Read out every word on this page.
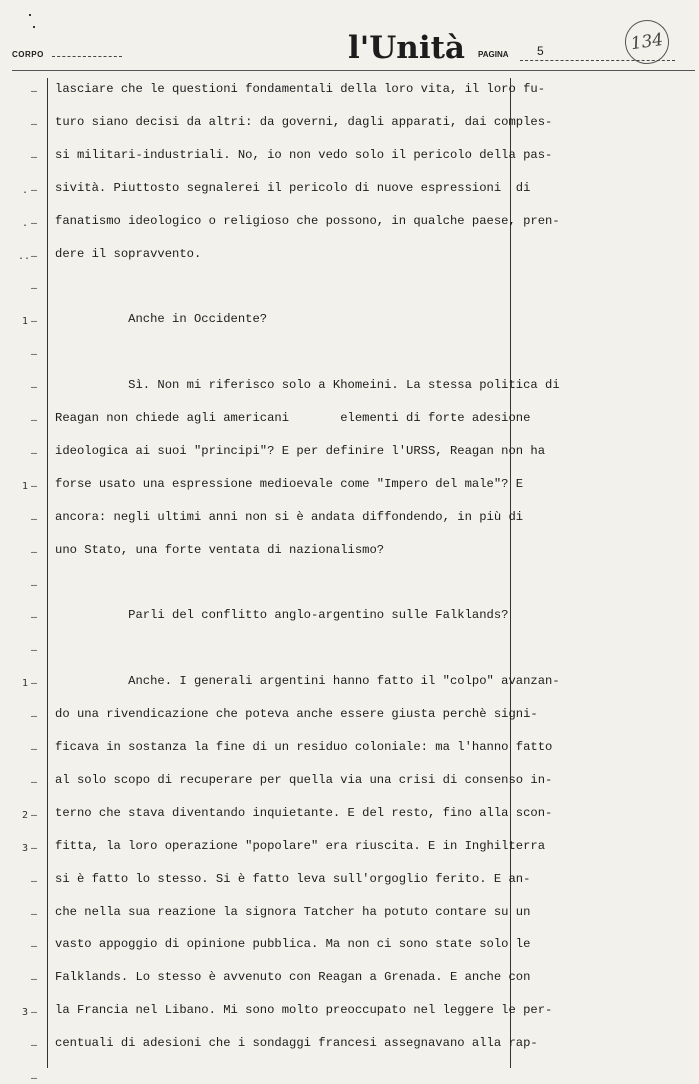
CORPO	l'Unità PAGINA 5	134
—
—
—
. —
. —
..—
—
1 —
—
—
—
—
1 —
—
—
—
—
—
1 —
—
—
—
2 —
3 —
—
—
—
—
3 —
—
—
lasciare che le questioni fondamentali della loro vita, il loro fu-
turo siano decisi da altri: da governi, dagli apparati, dai comples-
si militari-industriali. No, io non vedo solo il pericolo della pas-
sività. Piuttosto segnalerei il pericolo di nuove espressioni  di
fanatismo ideologico o religioso che possono, in qualche paese, pren-
dere il sopravvento.
Anche in Occidente?
Sì. Non mi riferisco solo a Khomeini. La stessa politica di
Reagan non chiede agli americani       elementi di forte adesione
ideologica ai suoi "principi"? E per definire l'URSS, Reagan non ha
forse usato una espressione medioevale come "Impero del male"? E
ancora: negli ultimi anni non si è andata diffondendo, in più di
uno Stato, una forte ventata di nazionalismo?
Parli del conflitto anglo-argentino sulle Falklands?
Anche. I generali argentini hanno fatto il "colpo" avanzan-
do una rivendicazione che poteva anche essere giusta perchè signi-
ficava in sostanza la fine di un residuo coloniale: ma l'hanno fatto
al solo scopo di recuperare per quella via una crisi di consenso in-
terno che stava diventando inquietante. E del resto, fino alla scon-
fitta, la loro operazione "popolare" era riuscita. E in Inghilterra
si è fatto lo stesso. Si è fatto leva sull'orgoglio ferito. E an-
che nella sua reazione la signora Tatcher ha potuto contare su un
vasto appoggio di opinione pubblica. Ma non ci sono state solo le
Falklands. Lo stesso è avvenuto con Reagan a Grenada. E anche con
la Francia nel Libano. Mi sono molto preoccupato nel leggere le per-
centuali di adesioni che i sondaggi francesi assegnavano alla rap-
